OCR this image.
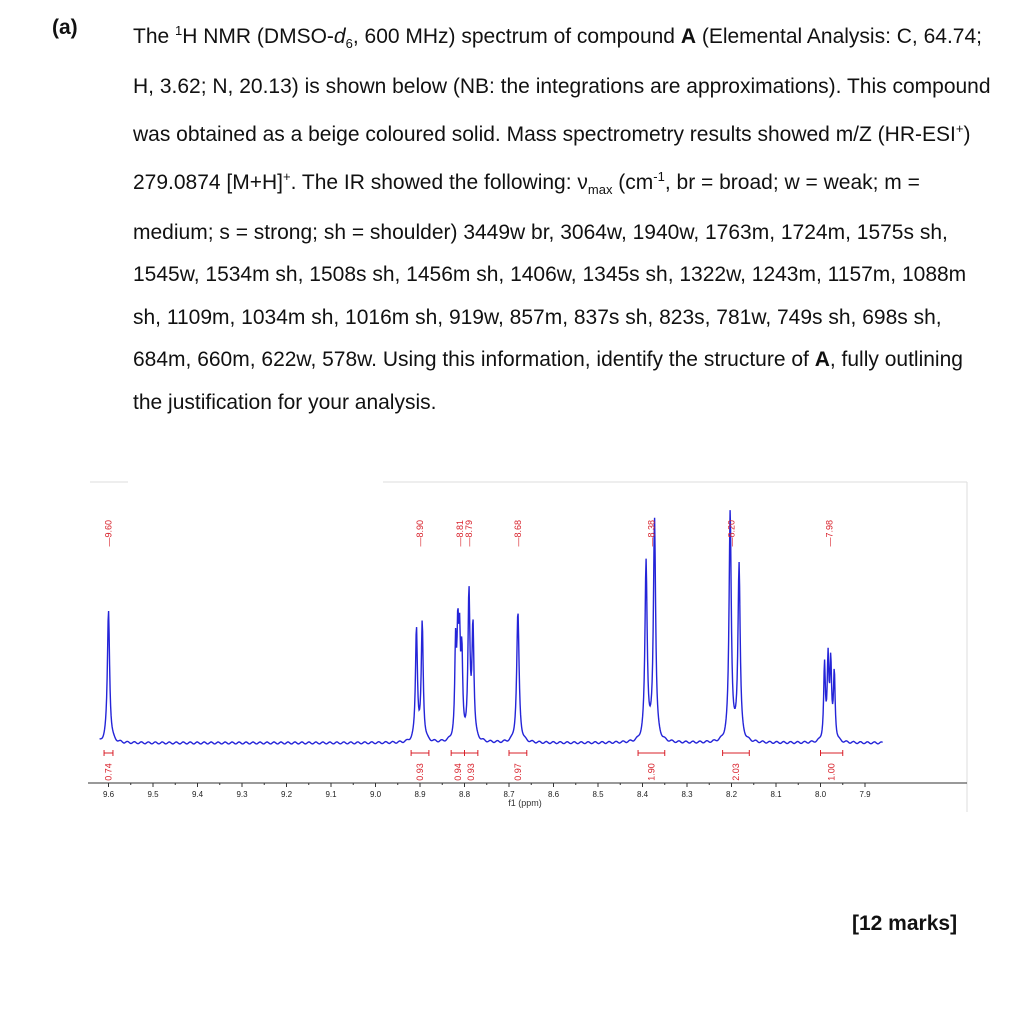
(a)	The $^1$H NMR ($DMSO-d_6$, 600 MHz) spectrum of compound A (Elemental Analysis: C, 64.74; H, 3.62; N, 20.13) is shown below (NB: the integrations are approximations). This compound was obtained as a beige coloured solid. Mass spectrometry results showed m/Z (HR-ESI+) 279.0874 [M+H]+. The IR showed the following: $\nu_{max}$ ($cm^{-1}$, br = broad; w = weak; m = medium; s = strong; sh = shoulder) 3449w br, 3064w, 1940w, 1763m, 1724m, 1575s sh, 1545w, 1534m sh, 1508s sh, 1456m sh, 1406w, 1345s sh, 1322w, 1243m, 1157m, 1088m sh, 1109m, 1034m sh, 1016m sh, 919w, 857m, 837s sh, 823s, 781w, 749s sh, 698s sh, 684m, 660m, 622w, 578w. Using this information, identify the structure of A, fully outlining the justification for your analysis.

9.6	9.5	9.4	9.3	9.2	9.1	9.0	8.9	8.8	8.7	8.6	8.5	8.4	8.3	8.2	8.1	8.0	7.9
0.74	0.93	0.94 0.93	0.97	1.90	2.03	1.00
—9.60	—8.90	—8.81
—8.79	—8.68	—8.38	—8.20	—7.98
f1 (ppm)
[12 marks]
